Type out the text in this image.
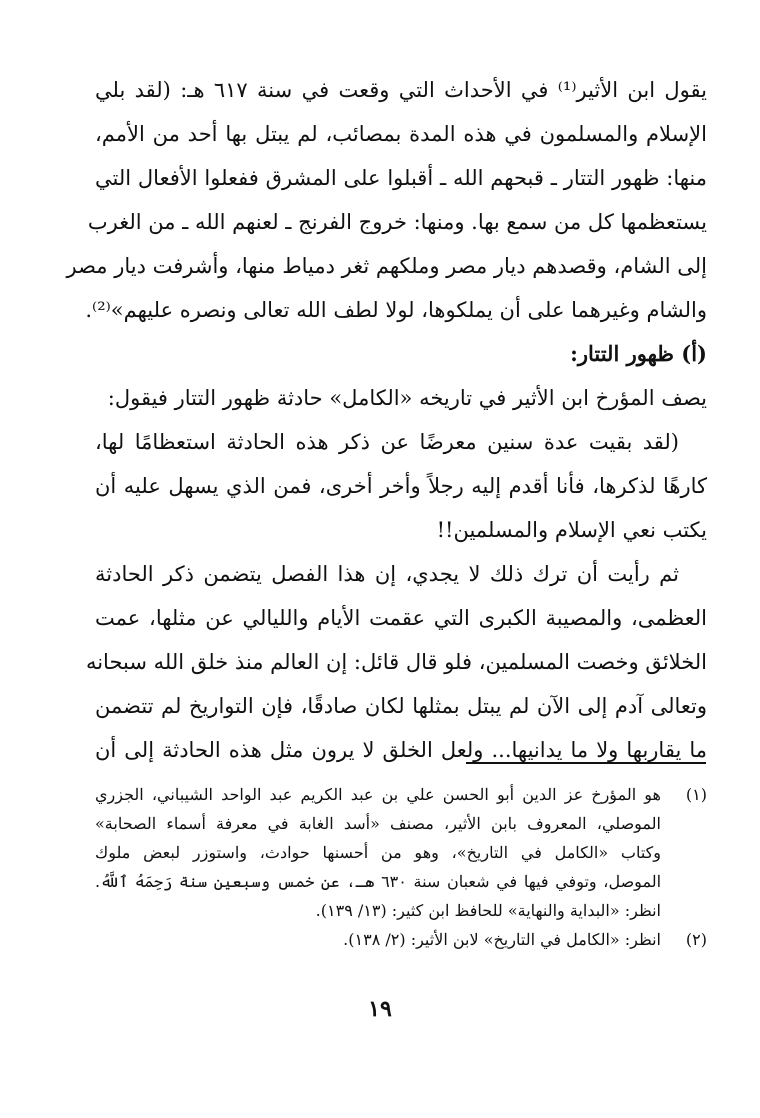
يقول ابن الأثير⁽¹⁾ في الأحداث التي وقعت في سنة ٦١٧ هـ: (لقد بلي
الإسلام والمسلمون في هذه المدة بمصائب، لم يبتل بها أحد من الأمم،
منها: ظهور التتار ـ قبحهم الله ـ أقبلوا على المشرق ففعلوا الأفعال التي
يستعظمها كل من سمع بها. ومنها: خروج الفرنج ـ لعنهم الله ـ من الغرب
إلى الشام، وقصدهم ديار مصر وملكهم ثغر دمياط منها، وأشرفت ديار مصر
والشام وغيرهما على أن يملكوها، لولا لطف الله تعالى ونصره عليهم»⁽²⁾.
(أ) ظهور التتار:
يصف المؤرخ ابن الأثير في تاريخه «الكامل» حادثة ظهور التتار فيقول:
(لقد بقيت عدة سنين معرضًا عن ذكر هذه الحادثة استعظامًا لها،
كارهًا لذكرها، فأنا أقدم إليه رجلاً وأخر أخرى، فمن الذي يسهل عليه أن
يكتب نعي الإسلام والمسلمين!!
ثم رأيت أن ترك ذلك لا يجدي، إن هذا الفصل يتضمن ذكر الحادثة
العظمى، والمصيبة الكبرى التي عقمت الأيام والليالي عن مثلها، عمت
الخلائق وخصت المسلمين، فلو قال قائل: إن العالم منذ خلق الله سبحانه
وتعالى آدم إلى الآن لم يبتل بمثلها لكان صادقًا، فإن التواريخ لم تتضمن
ما يقاربها ولا ما يدانيها... ولعل الخلق لا يرون مثل هذه الحادثة إلى أن
(١)
هو المؤرخ عز الدين أبو الحسن علي بن عبد الكريم عبد الواحد الشيباني، الجزري
الموصلي، المعروف بابن الأثير، مصنف «أسد الغابة في معرفة أسماء الصحابة»
وكتاب «الكامل في التاريخ»، وهو من أحسنها حوادث، واستوزر لبعض ملوك
الموصل، وتوفي فيها في شعبان سنة ٦٣٠ هـ، عن خمس وسبعين سنة رَحِمَهُ ٱللَّهُ.
انظر: «البداية والنهاية» للحافظ ابن كثير: (١٣/ ١٣٩).
(٢)
انظر: «الكامل في التاريخ» لابن الأثير: (٢/ ١٣٨).
١٩
